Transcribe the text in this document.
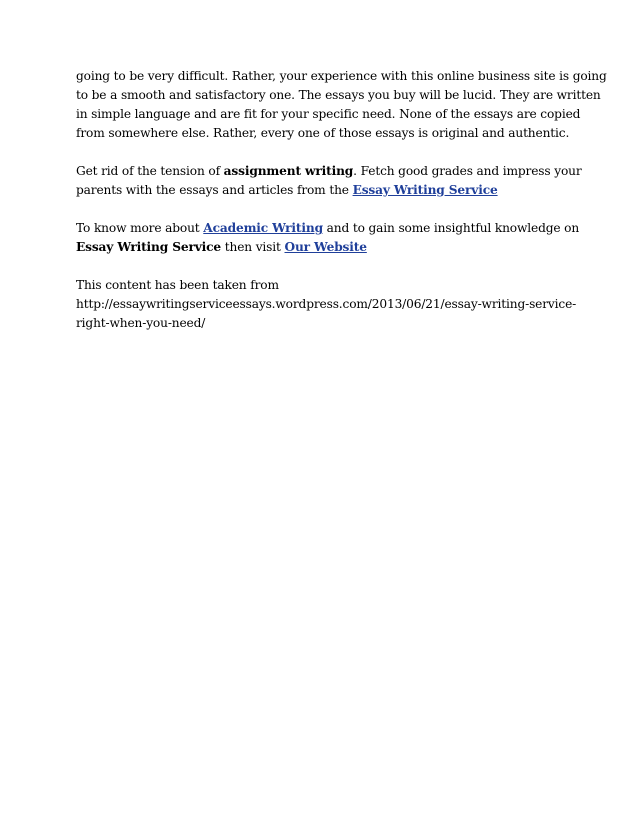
going to be very difficult. Rather, your experience with this online business site is going
to be a smooth and satisfactory one. The essays you buy will be lucid. They are written
in simple language and are fit for your specific need. None of the essays are copied
from somewhere else. Rather, every one of those essays is original and authentic.

Get rid of the tension of assignment writing. Fetch good grades and impress your
parents with the essays and articles from the Essay Writing Service

To know more about Academic Writing and to gain some insightful knowledge on
Essay Writing Service then visit Our Website

This content has been taken from
http://essaywritingserviceessays.wordpress.com/2013/06/21/essay-writing-service-
right-when-you-need/
